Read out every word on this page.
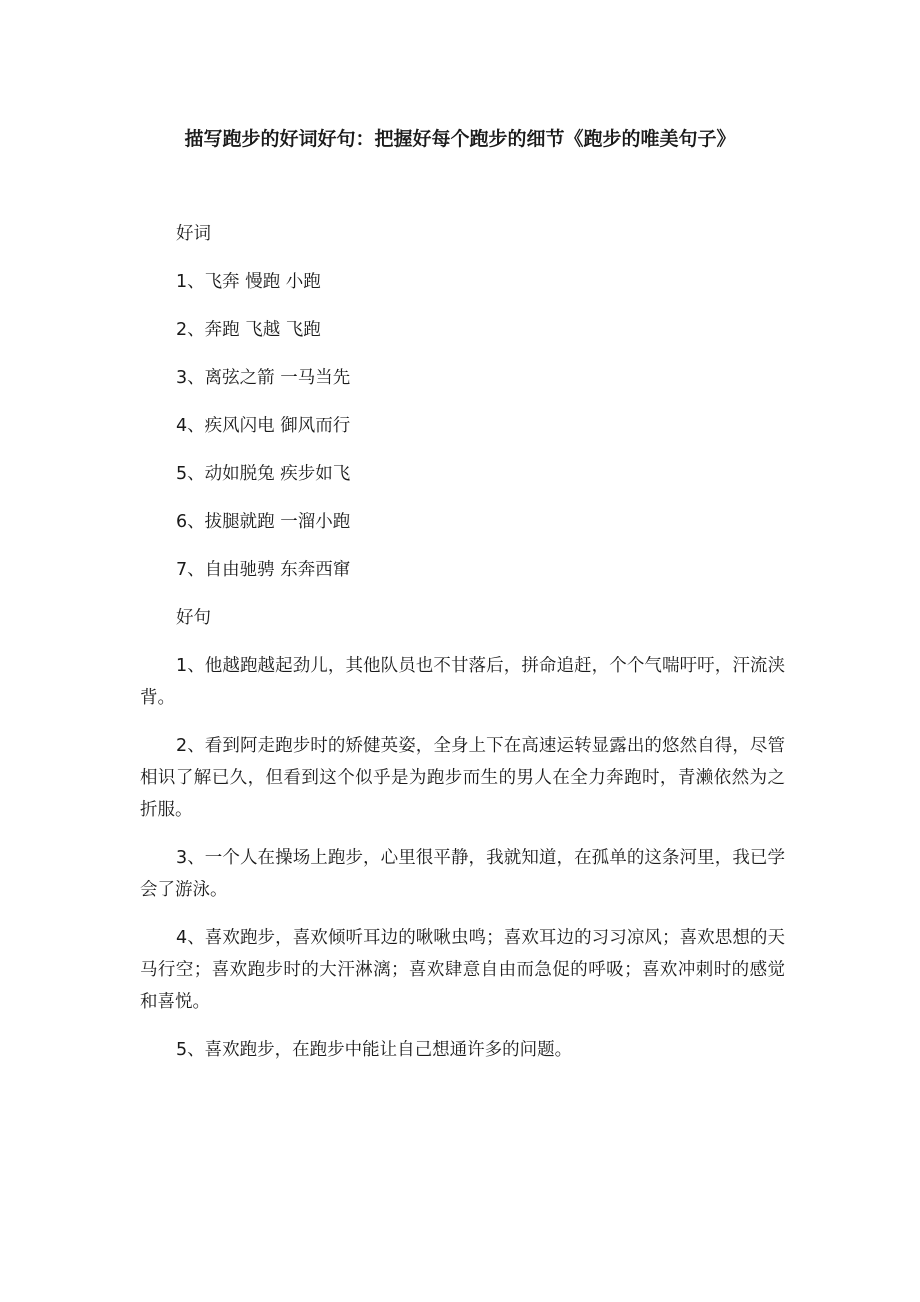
描写跑步的好词好句：把握好每个跑步的细节《跑步的唯美句子》

好词

1、飞奔 慢跑 小跑

2、奔跑 飞越 飞跑

3、离弦之箭 一马当先

4、疾风闪电 御风而行

5、动如脱兔 疾步如飞

6、拔腿就跑 一溜小跑

7、自由驰骋 东奔西窜

好句

1、他越跑越起劲儿，其他队员也不甘落后，拼命追赶，个个气喘吁吁，汗流浃背。

2、看到阿走跑步时的矫健英姿，全身上下在高速运转显露出的悠然自得，尽管相识了解已久，但看到这个似乎是为跑步而生的男人在全力奔跑时，青濑依然为之折服。

3、一个人在操场上跑步，心里很平静，我就知道，在孤单的这条河里，我已学会了游泳。

4、喜欢跑步，喜欢倾听耳边的啾啾虫鸣；喜欢耳边的习习凉风；喜欢思想的天马行空；喜欢跑步时的大汗淋漓；喜欢肆意自由而急促的呼吸；喜欢冲刺时的感觉和喜悦。

5、喜欢跑步，在跑步中能让自己想通许多的问题。
